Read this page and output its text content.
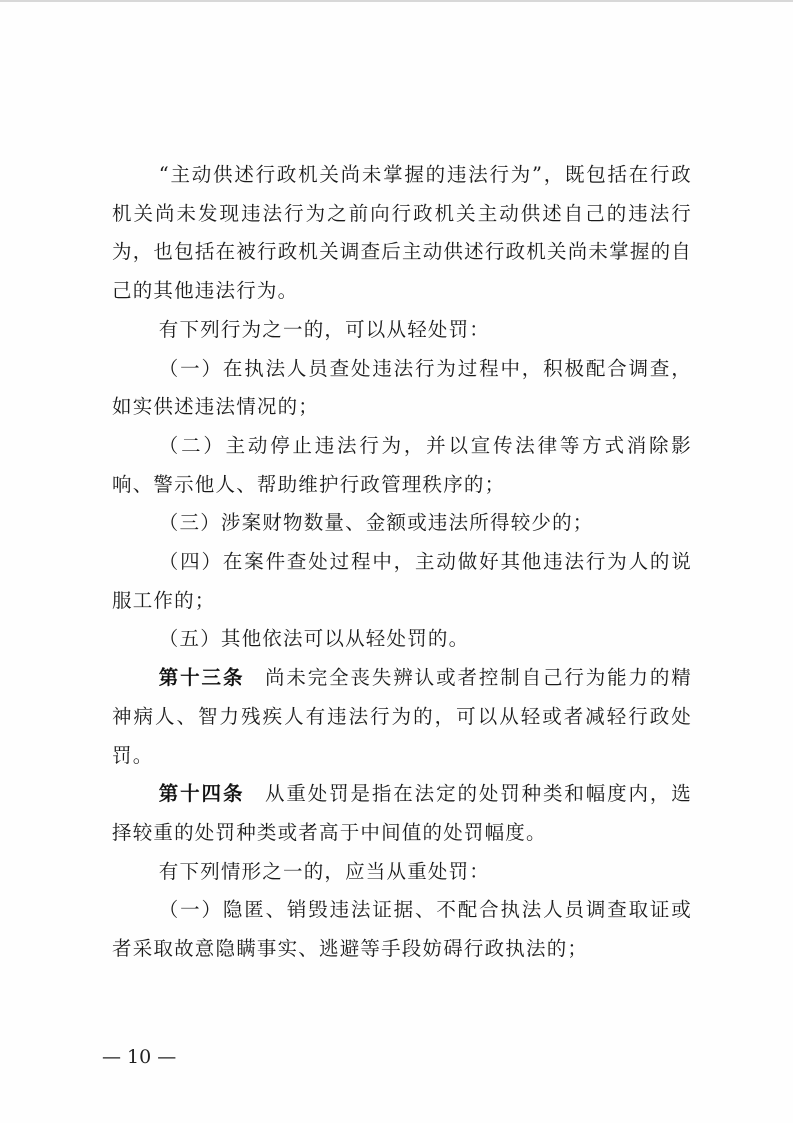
“主动供述行政机关尚未掌握的违法行为”，既包括在行政机关尚未发现违法行为之前向行政机关主动供述自己的违法行为，也包括在被行政机关调查后主动供述行政机关尚未掌握的自己的其他违法行为。

有下列行为之一的，可以从轻处罚：

（一）在执法人员查处违法行为过程中，积极配合调查，如实供述违法情况的；

（二）主动停止违法行为，并以宣传法律等方式消除影响、警示他人、帮助维护行政管理秩序的；

（三）涉案财物数量、金额或违法所得较少的；

（四）在案件查处过程中，主动做好其他违法行为人的说服工作的；

（五）其他依法可以从轻处罚的。

第十三条 尚未完全丧失辨认或者控制自己行为能力的精神病人、智力残疾人有违法行为的，可以从轻或者减轻行政处罚。

第十四条 从重处罚是指在法定的处罚种类和幅度内，选择较重的处罚种类或者高于中间值的处罚幅度。

有下列情形之一的，应当从重处罚：

（一）隐匿、销毁违法证据、不配合执法人员调查取证或者采取故意隐瞒事实、逃避等手段妨碍行政执法的；

— 10 —
